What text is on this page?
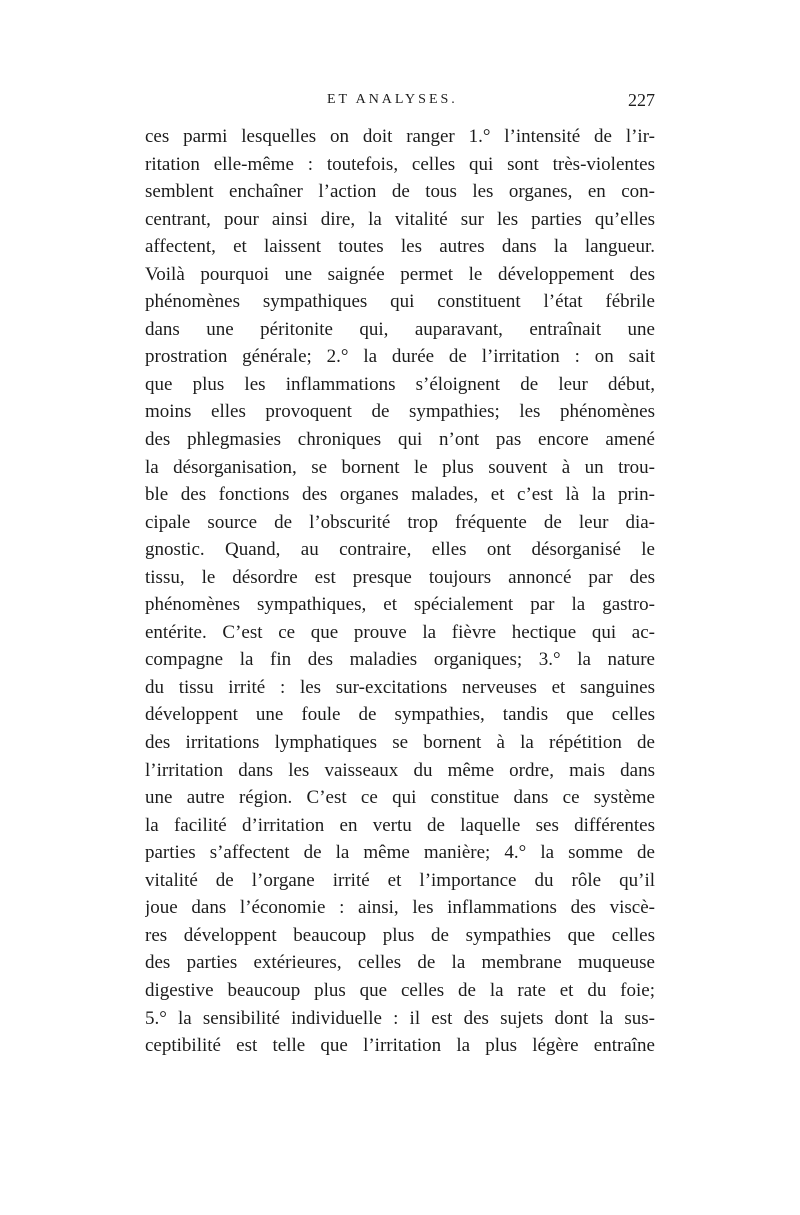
ET ANALYSES.	227
ces parmi lesquelles on doit ranger 1.° l’intensité de l’ir-
ritation elle-même : toutefois, celles qui sont très-violentes
semblent enchaîner l’action de tous les organes, en con-
centrant, pour ainsi dire, la vitalité sur les parties qu’elles
affectent, et laissent toutes les autres dans la langueur.
Voilà pourquoi une saignée permet le développement des
phénomènes sympathiques qui constituent l’état fébrile
dans une péritonite qui, auparavant, entraînait une
prostration générale; 2.° la durée de l’irritation : on sait
que plus les inflammations s’éloignent de leur début,
moins elles provoquent de sympathies; les phénomènes
des phlegmasies chroniques qui n’ont pas encore amené
la désorganisation, se bornent le plus souvent à un trou-
ble des fonctions des organes malades, et c’est là la prin-
cipale source de l’obscurité trop fréquente de leur dia-
gnostic. Quand, au contraire, elles ont désorganisé le
tissu, le désordre est presque toujours annoncé par des
phénomènes sympathiques, et spécialement par la gastro-
entérite. C’est ce que prouve la fièvre hectique qui ac-
compagne la fin des maladies organiques; 3.° la nature
du tissu irrité : les sur-excitations nerveuses et sanguines
développent une foule de sympathies, tandis que celles
des irritations lymphatiques se bornent à la répétition de
l’irritation dans les vaisseaux du même ordre, mais dans
une autre région. C’est ce qui constitue dans ce système
la facilité d’irritation en vertu de laquelle ses différentes
parties s’affectent de la même manière; 4.° la somme de
vitalité de l’organe irrité et l’importance du rôle qu’il
joue dans l’économie : ainsi, les inflammations des viscè-
res développent beaucoup plus de sympathies que celles
des parties extérieures, celles de la membrane muqueuse
digestive beaucoup plus que celles de la rate et du foie;
5.° la sensibilité individuelle : il est des sujets dont la sus-
ceptibilité est telle que l’irritation la plus légère entraîne
